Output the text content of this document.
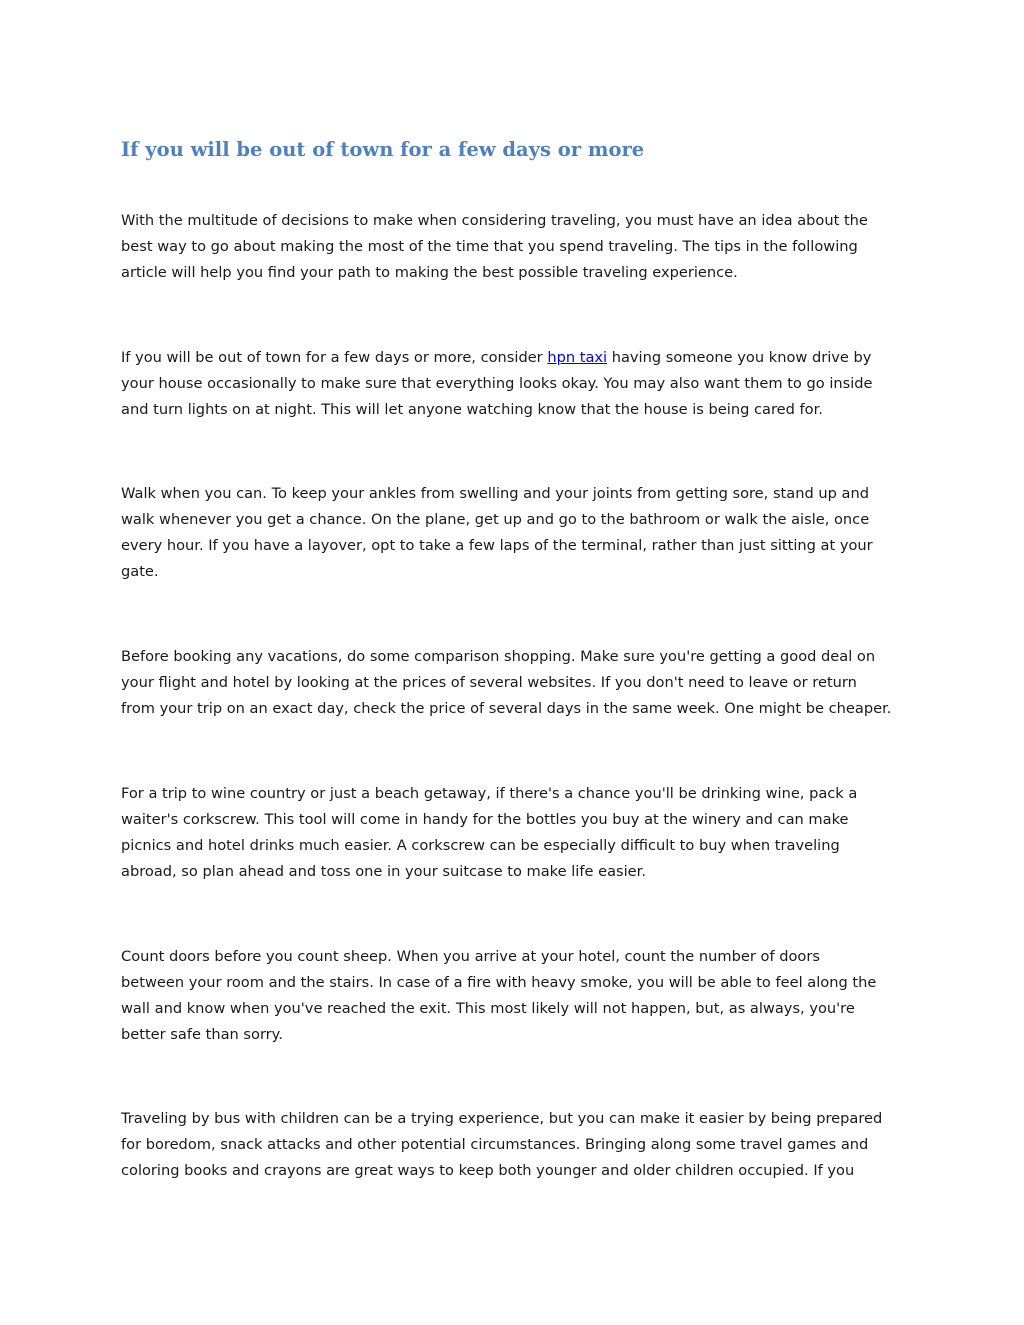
If you will be out of town for a few days or more

With the multitude of decisions to make when considering traveling, you must have an idea about the
best way to go about making the most of the time that you spend traveling. The tips in the following
article will help you find your path to making the best possible traveling experience.

If you will be out of town for a few days or more, consider hpn taxi having someone you know drive by
your house occasionally to make sure that everything looks okay. You may also want them to go inside
and turn lights on at night. This will let anyone watching know that the house is being cared for.

Walk when you can. To keep your ankles from swelling and your joints from getting sore, stand up and
walk whenever you get a chance. On the plane, get up and go to the bathroom or walk the aisle, once
every hour. If you have a layover, opt to take a few laps of the terminal, rather than just sitting at your
gate.

Before booking any vacations, do some comparison shopping. Make sure you're getting a good deal on
your flight and hotel by looking at the prices of several websites. If you don't need to leave or return
from your trip on an exact day, check the price of several days in the same week. One might be cheaper.

For a trip to wine country or just a beach getaway, if there's a chance you'll be drinking wine, pack a
waiter's corkscrew. This tool will come in handy for the bottles you buy at the winery and can make
picnics and hotel drinks much easier. A corkscrew can be especially difficult to buy when traveling
abroad, so plan ahead and toss one in your suitcase to make life easier.

Count doors before you count sheep. When you arrive at your hotel, count the number of doors
between your room and the stairs. In case of a fire with heavy smoke, you will be able to feel along the
wall and know when you've reached the exit. This most likely will not happen, but, as always, you're
better safe than sorry.

Traveling by bus with children can be a trying experience, but you can make it easier by being prepared
for boredom, snack attacks and other potential circumstances. Bringing along some travel games and
coloring books and crayons are great ways to keep both younger and older children occupied. If you
